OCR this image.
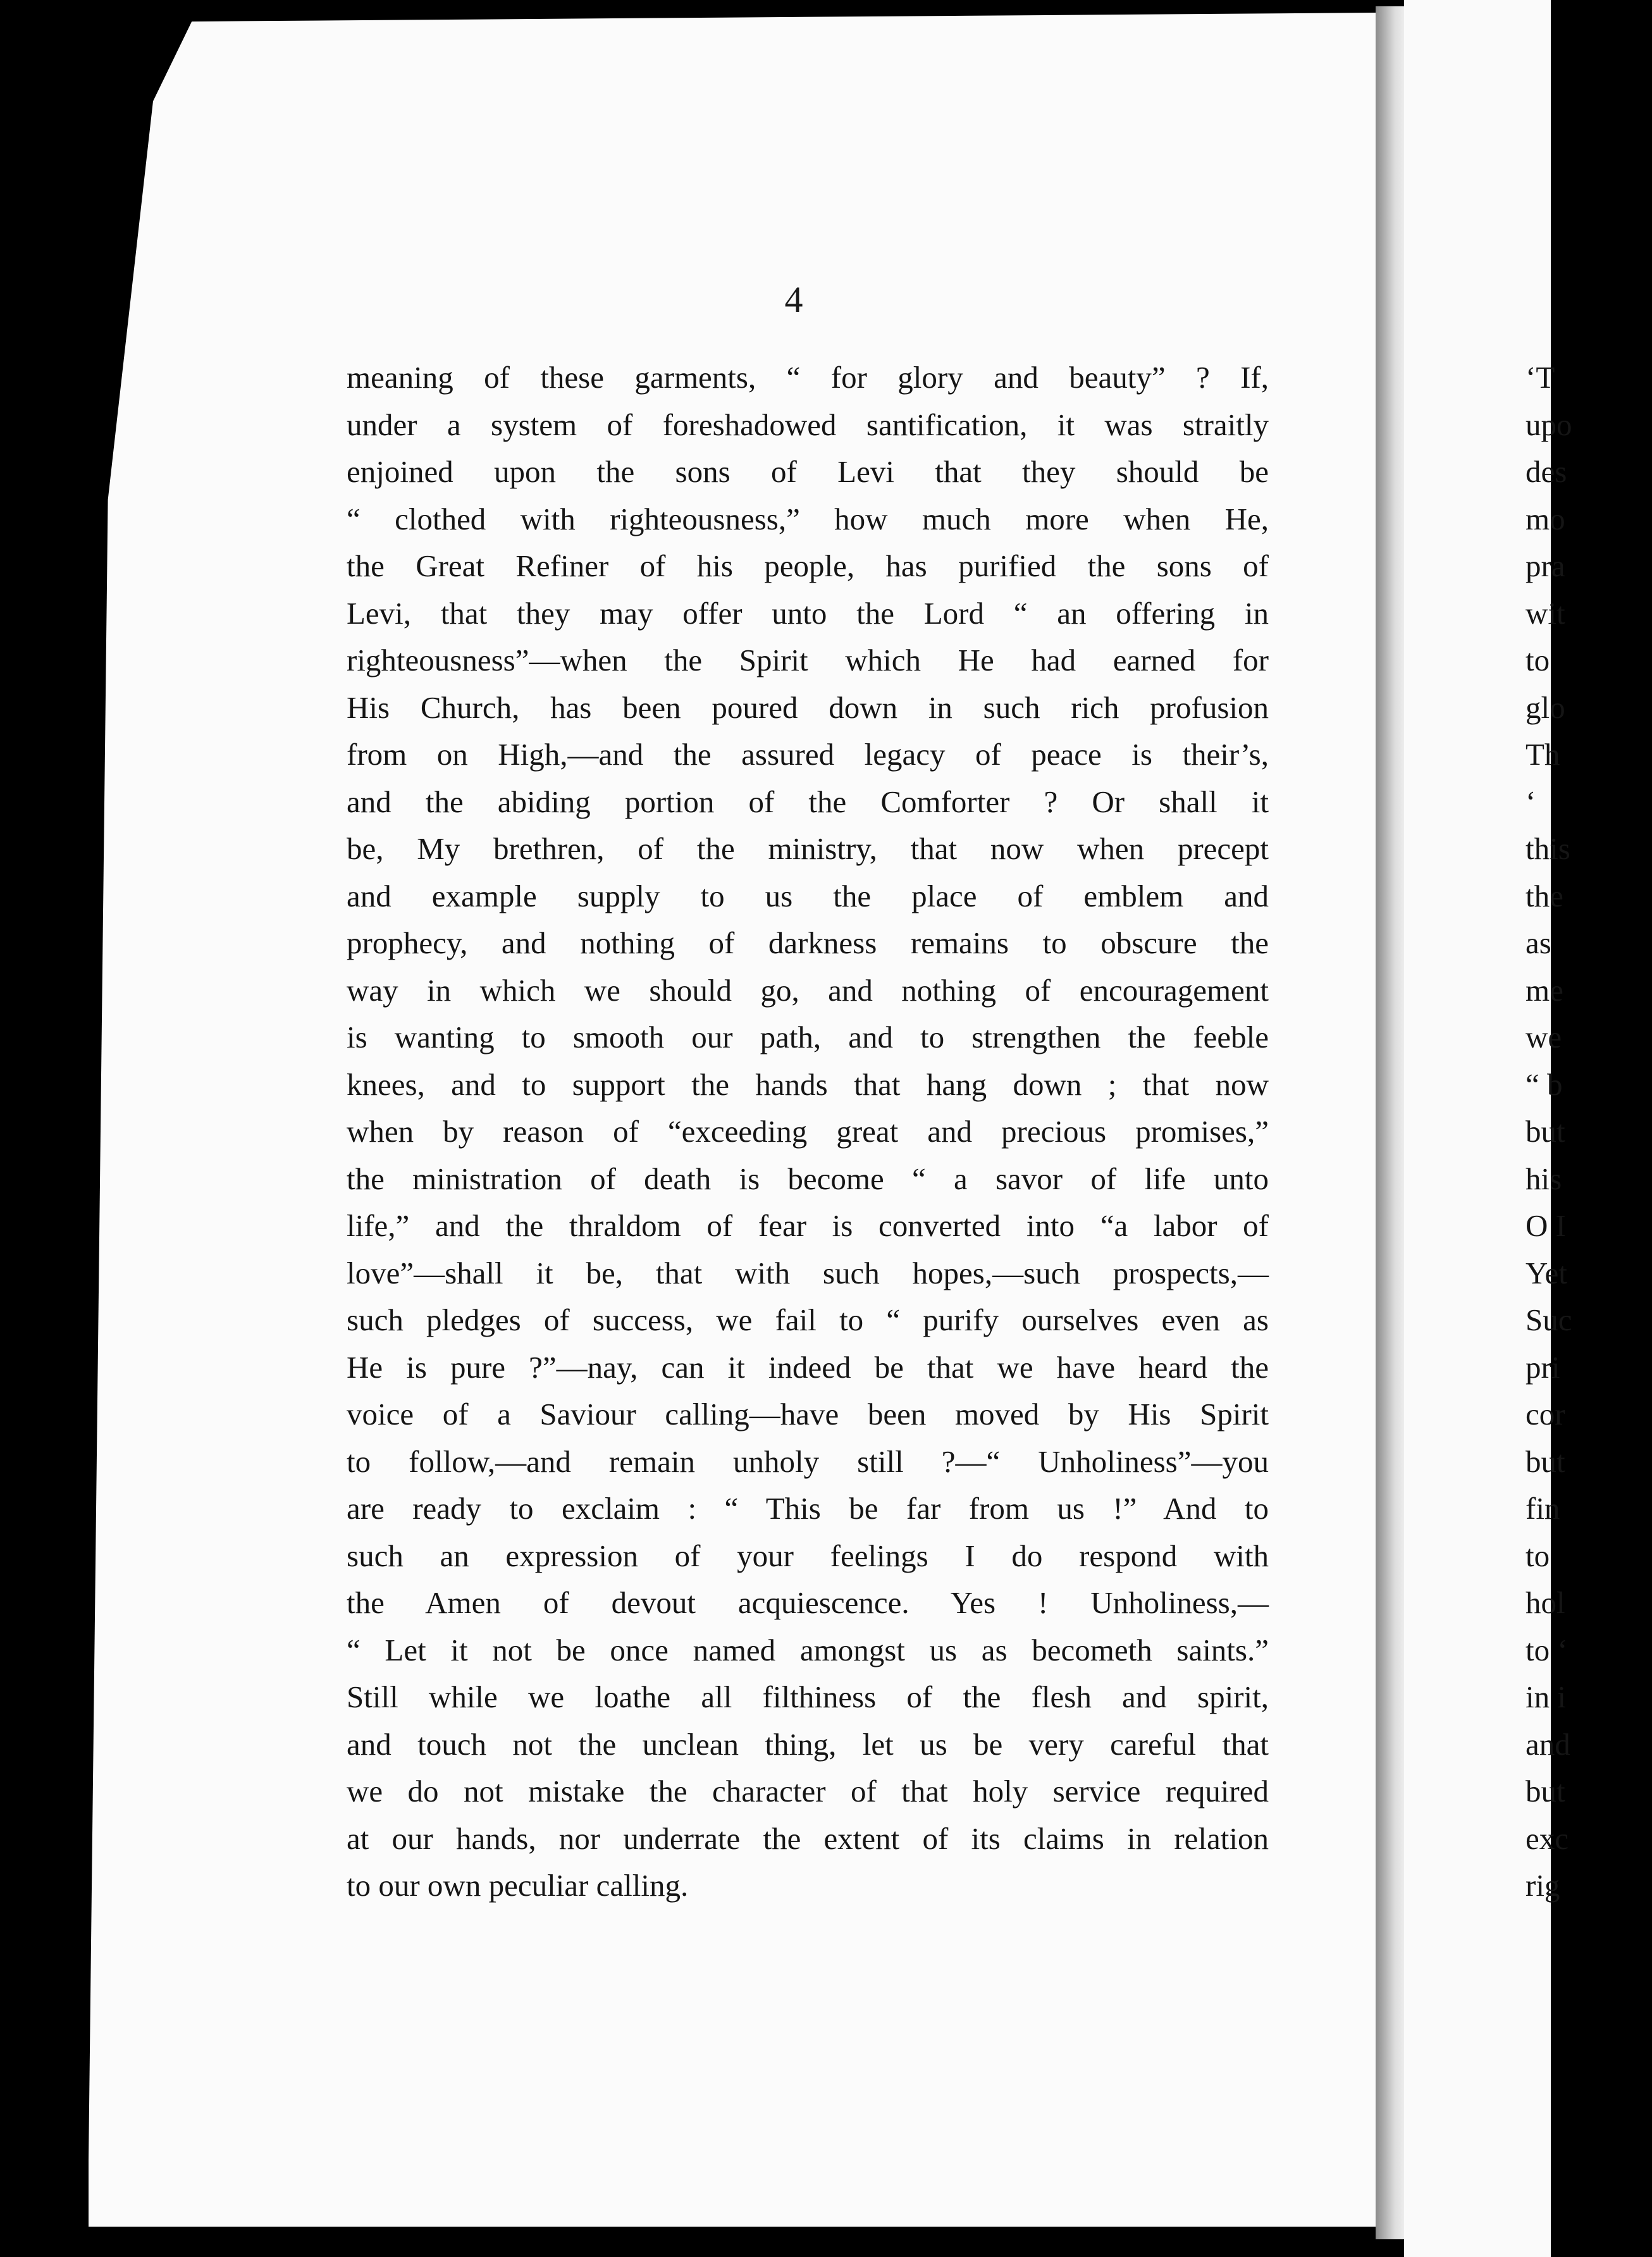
4
meaning of these garments, “ for glory and beauty” ? If,
under a system of foreshadowed santification, it was straitly
enjoined upon the sons of Levi that they should be
“ clothed with righteousness,” how much more when He,
the Great Refiner of his people, has purified the sons of
Levi, that they may offer unto the Lord “ an offering in
righteousness”—when the Spirit which He had earned for
His Church, has been poured down in such rich profusion
from on High,—and the assured legacy of peace is their’s,
and the abiding portion of the Comforter ? Or shall it
be, My brethren, of the ministry, that now when precept
and example supply to us the place of emblem and
prophecy, and nothing of darkness remains to obscure the
way in which we should go, and nothing of encouragement
is wanting to smooth our path, and to strengthen the feeble
knees, and to support the hands that hang down ; that now
when by reason of “exceeding great and precious promises,”
the ministration of death is become “ a savor of life unto
life,” and the thraldom of fear is converted into “a labor of
love”—shall it be, that with such hopes,—such prospects,—
such pledges of success, we fail to “ purify ourselves even as
He is pure ?”—nay, can it indeed be that we have heard the
voice of a Saviour calling—have been moved by His Spirit
to follow,—and remain unholy still ?—“ Unholiness”—you
are ready to exclaim : “ This be far from us !” And to
such an expression of your feelings I do respond with
the Amen of devout acquiescence. Yes ! Unholiness,—
“ Let it not be once named amongst us as becometh saints.”
Still while we loathe all filthiness of the flesh and spirit,
and touch not the unclean thing, let us be very careful that
we do not mistake the character of that holy service required
at our hands, nor underrate the extent of its claims in relation
to our own peculiar calling.
‘T
upo
des
mo
pra
wit
to
glo
Th
‘
this
the
as
me
we
“ b
but
his
O I
Yet
Suc
pri
cor
but
fin
to
hol
to ‘
in i
and
but
exc
rig
